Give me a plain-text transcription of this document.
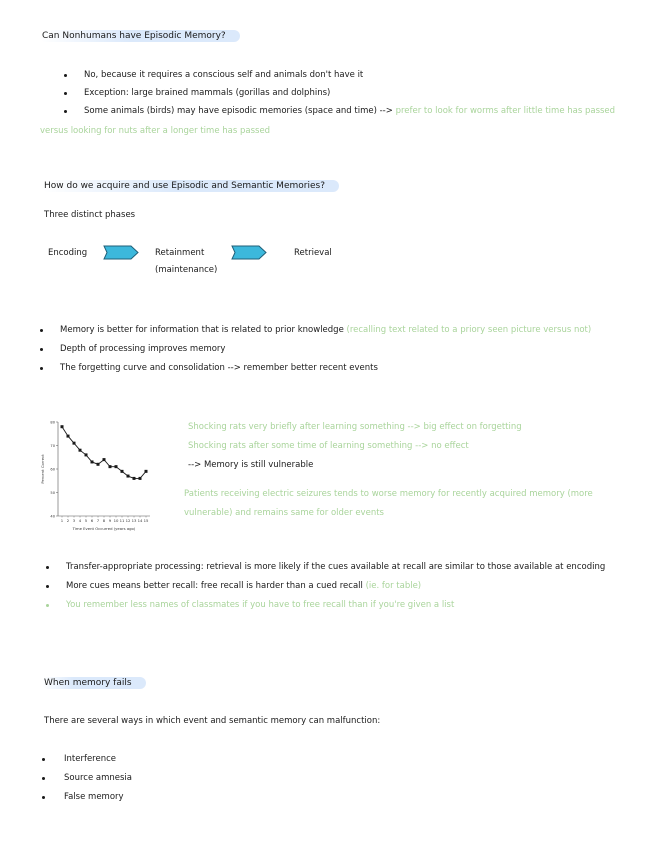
Can Nonhumans have Episodic Memory?
No, because it requires a conscious self and animals don't have it
Exception: large brained mammals (gorillas and dolphins)
Some animals (birds) may have episodic memories (space and time) --> prefer to look for worms after little time has passed
versus looking for nuts after a longer time has passed
How do we acquire and use Episodic and Semantic Memories?
Three distinct phases
Encoding	Retainment
(maintenance)
Retrieval
Memory is better for information that is related to prior knowledge (recalling text related to a priory seen picture versus not)
Depth of processing improves memory
The forgetting curve and consolidation --> remember better recent events
40
50
60
70
80
1 2 3 4 5 6 7 8 9 10 11 12 13 14 15
Time Event Occurred (years ago)
Percent Correct
Shocking rats very briefly after learning something --> big effect on forgetting
Shocking rats after some time of learning something --> no effect
--> Memory is still vulnerable
Patients receiving electric seizures tends to worse memory for recently acquired memory (more
vulnerable) and remains same for older events
Transfer-appropriate processing: retrieval is more likely if the cues available at recall are similar to those available at encoding
More cues means better recall: free recall is harder than a cued recall (ie. for table)
You remember less names of classmates if you have to free recall than if you're given a list
When memory fails
There are several ways in which event and semantic memory can malfunction:
Interference
Source amnesia
False memory
